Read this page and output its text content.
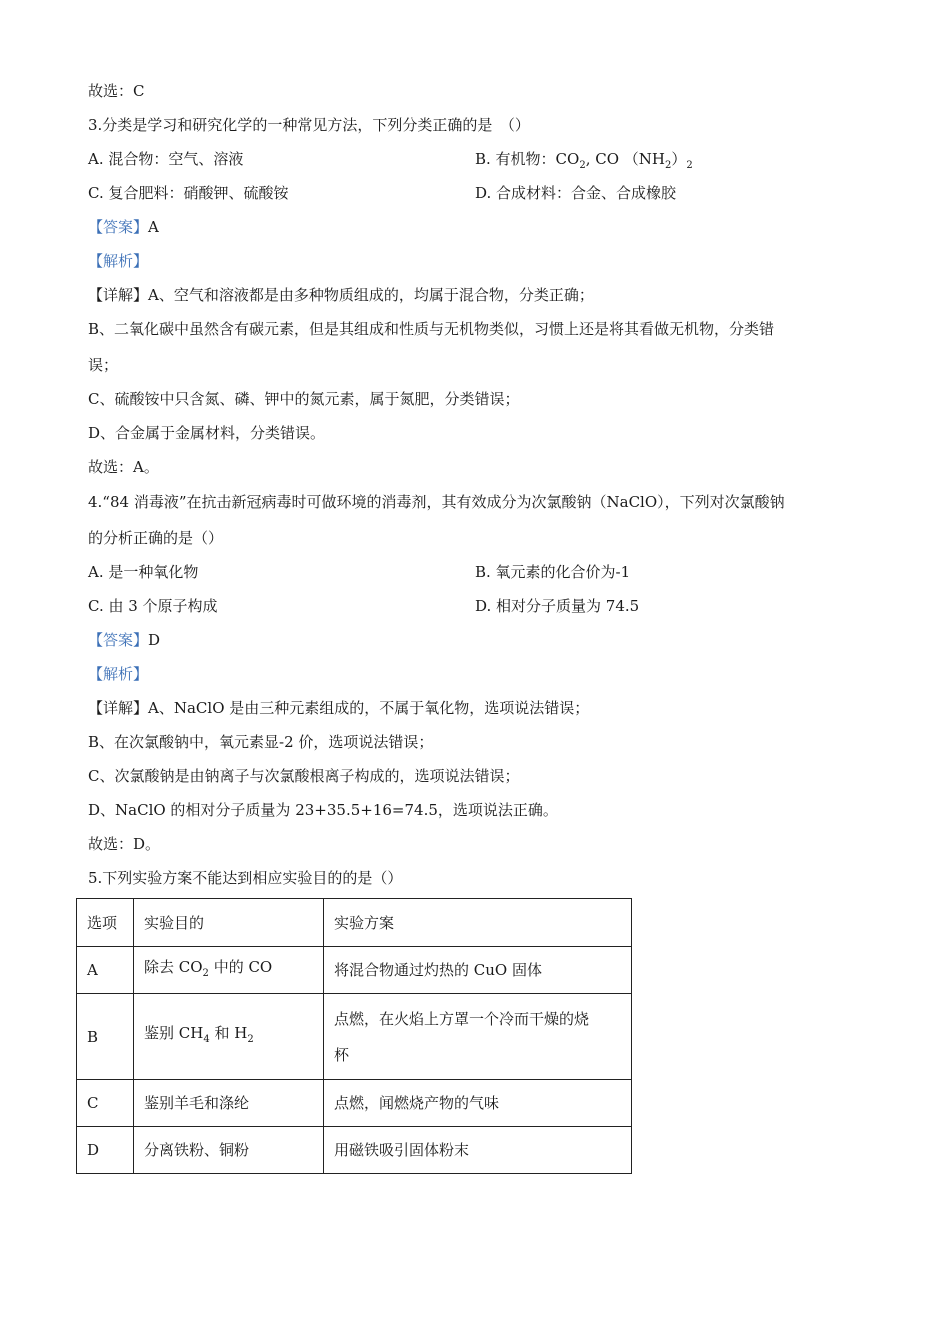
故选：C
3.分类是学习和研究化学的一种常见方法，下列分类正确的是　（）
A. 混合物：空气、溶液	B. 有机物：$CO_2$, CO $(NH_2)_2$
C. 复合肥料：硝酸钾、硫酸铵	D. 合成材料：合金、合成橡胶
【答案】A
【解析】
【详解】A、空气和溶液都是由多种物质组成的，均属于混合物，分类正确；
B、二氧化碳中虽然含有碳元素，但是其组成和性质与无机物类似，习惯上还是将其看做无机物，分类错
误；
C、硫酸铵中只含氮、磷、钾中的氮元素，属于氮肥，分类错误；
D、合金属于金属材料，分类错误。
故选：A。
4.“84 消毒液”在抗击新冠病毒时可做环境的消毒剂，其有效成分为次氯酸钠（NaClO），下列对次氯酸钠
的分析正确的是（）
A. 是一种氧化物	B. 氧元素的化合价为-1
C. 由 3 个原子构成	D. 相对分子质量为 74.5
【答案】D
【解析】
【详解】A、NaClO 是由三种元素组成的，不属于氧化物，选项说法错误；
B、在次氯酸钠中，氧元素显-2 价，选项说法错误；
C、次氯酸钠是由钠离子与次氯酸根离子构成的，选项说法错误；
D、NaClO 的相对分子质量为 23+35.5+16=74.5，选项说法正确。
故选：D。
5.下列实验方案不能达到相应实验目的的是（）
选项	实验目的	实验方案
A	除去 $CO_2$ 中的 CO	将混合物通过灼热的 CuO 固体
B	鉴别 $CH_4$ 和 $H_2$	点燃，在火焰上方罩一个冷而干燥的烧
杯

C	鉴别羊毛和涤纶	点燃，闻燃烧产物的气味
D	分离铁粉、铜粉	用磁铁吸引固体粉末
